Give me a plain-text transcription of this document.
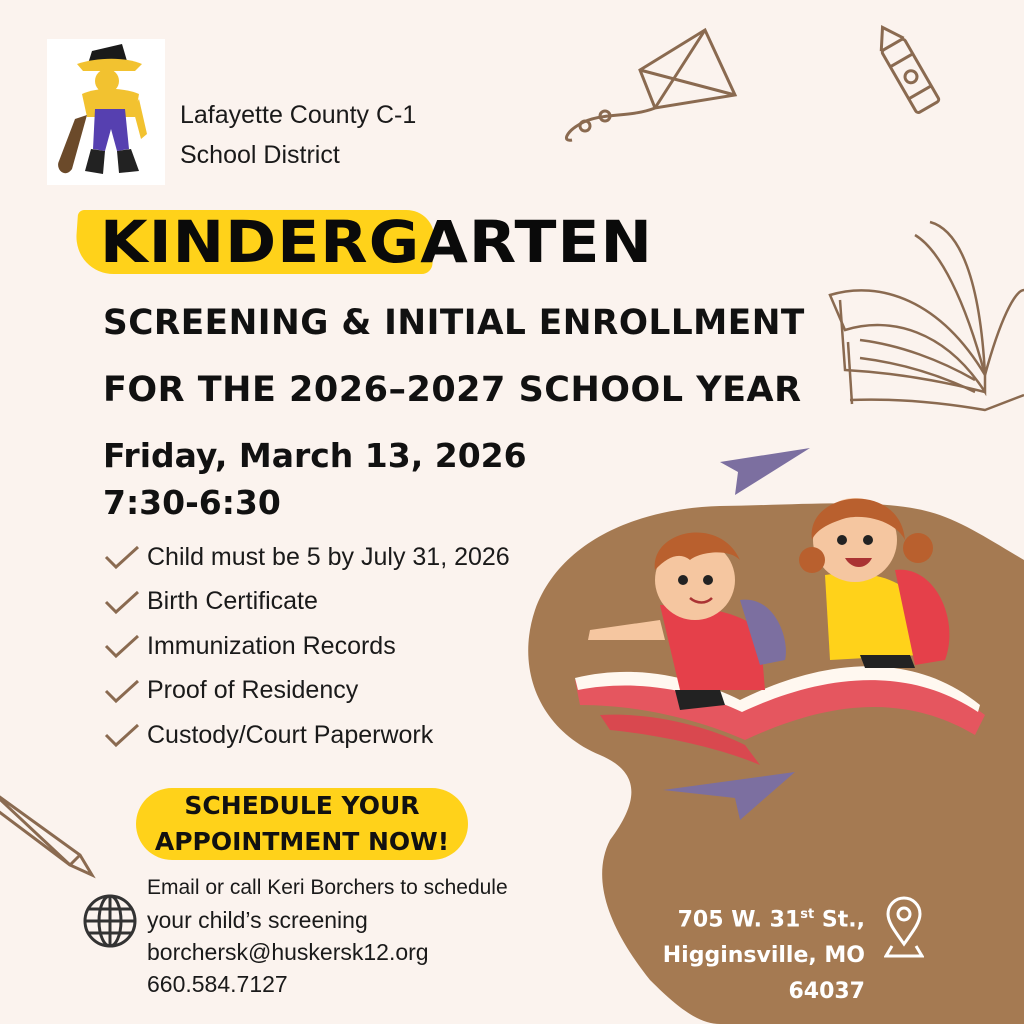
Lafayette County C-1
School District
KINDERGARTEN
SCREENING & INITIAL ENROLLMENT
FOR THE 2026–2027 SCHOOL YEAR
Friday, March 13, 2026
7:30-6:30
Child must be 5 by July 31, 2026
Birth Certificate
Immunization Records
Proof of Residency
Custody/Court Paperwork
SCHEDULE YOUR
APPOINTMENT NOW!
Email or call Keri Borchers to schedule
your child’s screening
borchersk@huskersk12.org
660.584.7127
705 W. 31st St.,
Higginsville, MO
64037
